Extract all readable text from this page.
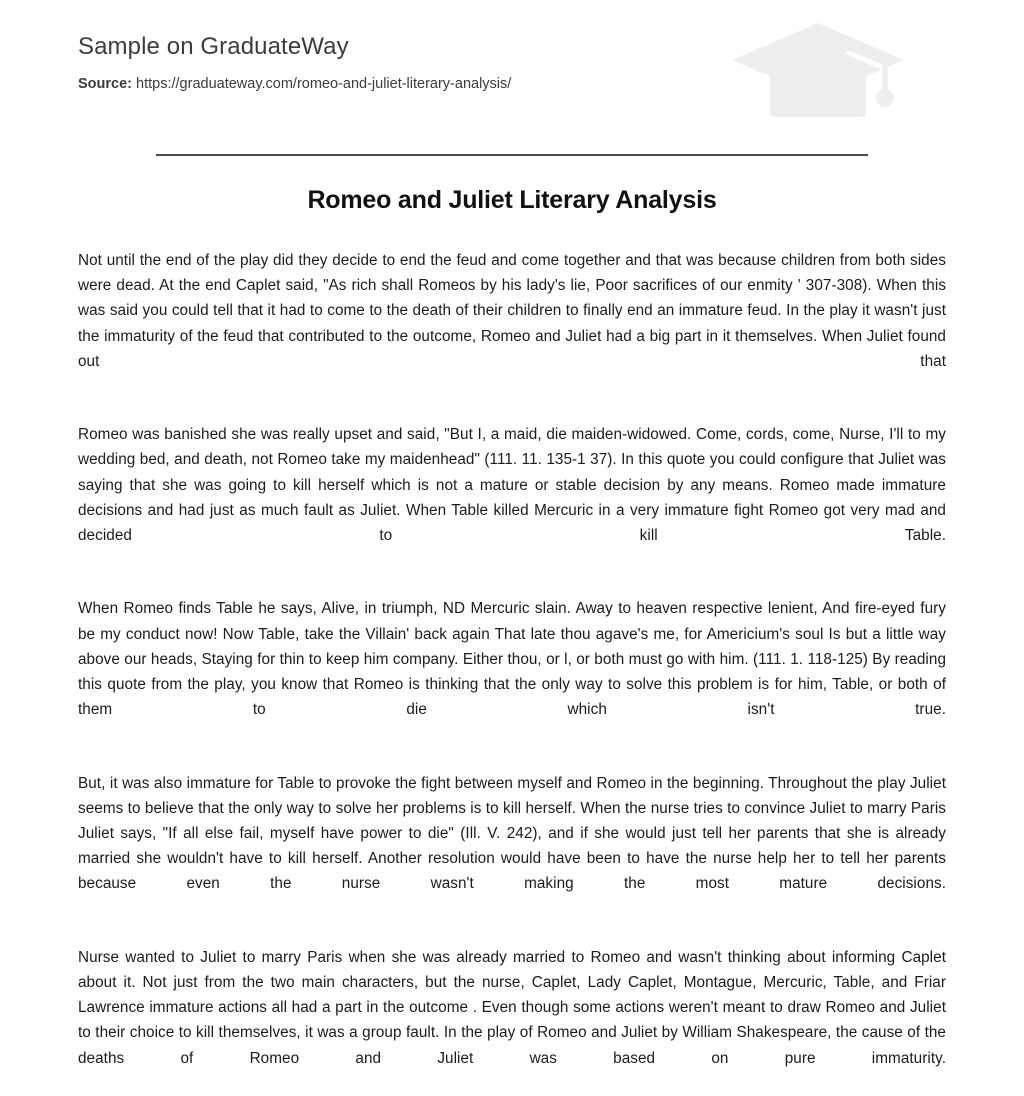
Sample on GraduateWay
Source: https://graduateway.com/romeo-and-juliet-literary-analysis/
Romeo and Juliet Literary Analysis

Not until the end of the play did they decide to end the feud and come together and that was because children from both sides were dead. At the end Caplet said, "As rich shall Romeos by his lady's lie, Poor sacrifices of our enmity ' 307-308). When this was said you could tell that it had to come to the death of their children to finally end an immature feud. In the play it wasn't just the immaturity of the feud that contributed to the outcome, Romeo and Juliet had a big part in it themselves. When Juliet found out that

Romeo was banished she was really upset and said, "But I, a maid, die maiden-widowed. Come, cords, come, Nurse, I'll to my wedding bed, and death, not Romeo take my maidenhead" (111. 11. 135-1 37). In this quote you could configure that Juliet was saying that she was going to kill herself which is not a mature or stable decision by any means. Romeo made immature decisions and had just as much fault as Juliet. When Table killed Mercuric in a very immature fight Romeo got very mad and decided to kill Table.

When Romeo finds Table he says, Alive, in triumph, ND Mercuric slain. Away to heaven respective lenient, And fire-eyed fury be my conduct now! Now Table, take the Villain' back again That late thou agave's me, for Americium's soul Is but a little way above our heads, Staying for thin to keep him company. Either thou, or l, or both must go with him. (111. 1. 118-125) By reading this quote from the play, you know that Romeo is thinking that the only way to solve this problem is for him, Table, or both of them to die which isn't true.

But, it was also immature for Table to provoke the fight between myself and Romeo in the beginning. Throughout the play Juliet seems to believe that the only way to solve her problems is to kill herself. When the nurse tries to convince Juliet to marry Paris Juliet says, "If all else fail, myself have power to die" (Ill. V. 242), and if she would just tell her parents that she is already married she wouldn't have to kill herself. Another resolution would have been to have the nurse help her to tell her parents because even the nurse wasn't making the most mature decisions.

Nurse wanted to Juliet to marry Paris when she was already married to Romeo and wasn't thinking about informing Caplet about it. Not just from the two main characters, but the nurse, Caplet, Lady Caplet, Montague, Mercuric, Table, and Friar Lawrence immature actions all had a part in the outcome . Even though some actions weren't meant to draw Romeo and Juliet to their choice to kill themselves, it was a group fault. In the play of Romeo and Juliet by William Shakespeare, the cause of the deaths of Romeo and Juliet was based on pure immaturity.
